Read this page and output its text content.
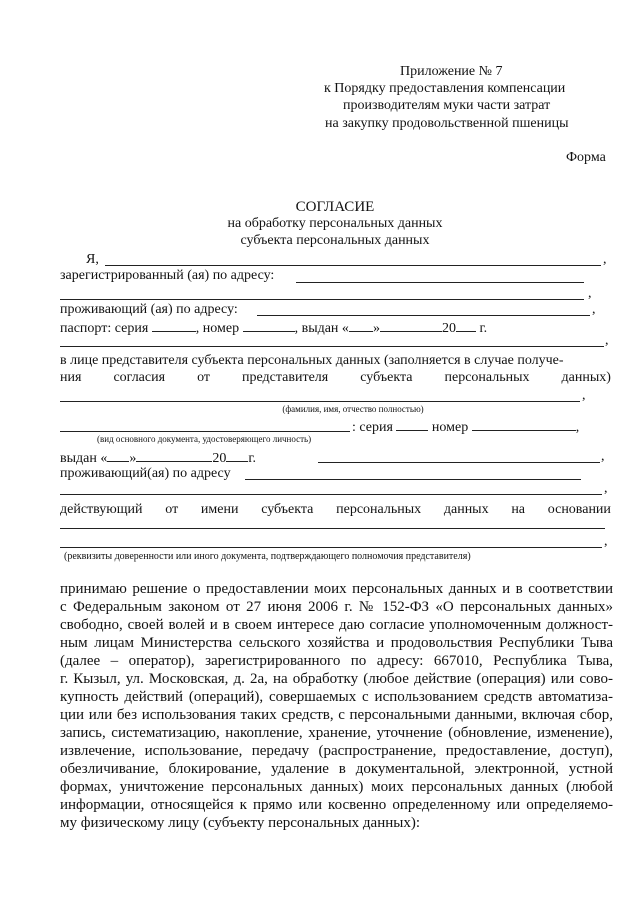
Приложение № 7
к Порядку предоставления компенсации
производителям муки части затрат
на закупку продовольственной пшеницы
Форма
СОГЛАСИЕ
на обработку персональных данных
субъекта персональных данных
Я,	,
зарегистрированный (ая) по адресу:
,
проживающий (ая) по адресу:	,
паспорт: серия	, номер	, выдан « »	20 г.
,
в лице представителя субъекта персональных данных (заполняется в случае получе-
ния согласия от представителя субъекта персональных данных)
,
(фамилия, имя, отчество полностью)
: серия	номер	,
(вид основного документа, удостоверяющего личность)
выдан « »	20 г.	,
проживающий(ая) по адресу
,
действующий от имени субъекта персональных данных на основании
,
(реквизиты доверенности или иного документа, подтверждающего полномочия представителя)
принимаю решение о предоставлении моих персональных данных и в соответствии
с Федеральным законом от 27 июня 2006 г. № 152-ФЗ «О персональных данных»
свободно, своей волей и в своем интересе даю согласие уполномоченным должност-
ным лицам Министерства сельского хозяйства и продовольствия Республики Тыва
(далее – оператор), зарегистрированного по адресу: 667010, Республика Тыва,
г. Кызыл, ул. Московская, д. 2а, на обработку (любое действие (операция) или сово-
купность действий (операций), совершаемых с использованием средств автоматиза-
ции или без использования таких средств, с персональными данными, включая сбор,
запись, систематизацию, накопление, хранение, уточнение (обновление, изменение),
извлечение, использование, передачу (распространение, предоставление, доступ),
обезличивание, блокирование, удаление в документальной, электронной, устной
формах, уничтожение персональных данных) моих персональных данных (любой
информации, относящейся к прямо или косвенно определенному или определяемо-
му физическому лицу (субъекту персональных данных):
